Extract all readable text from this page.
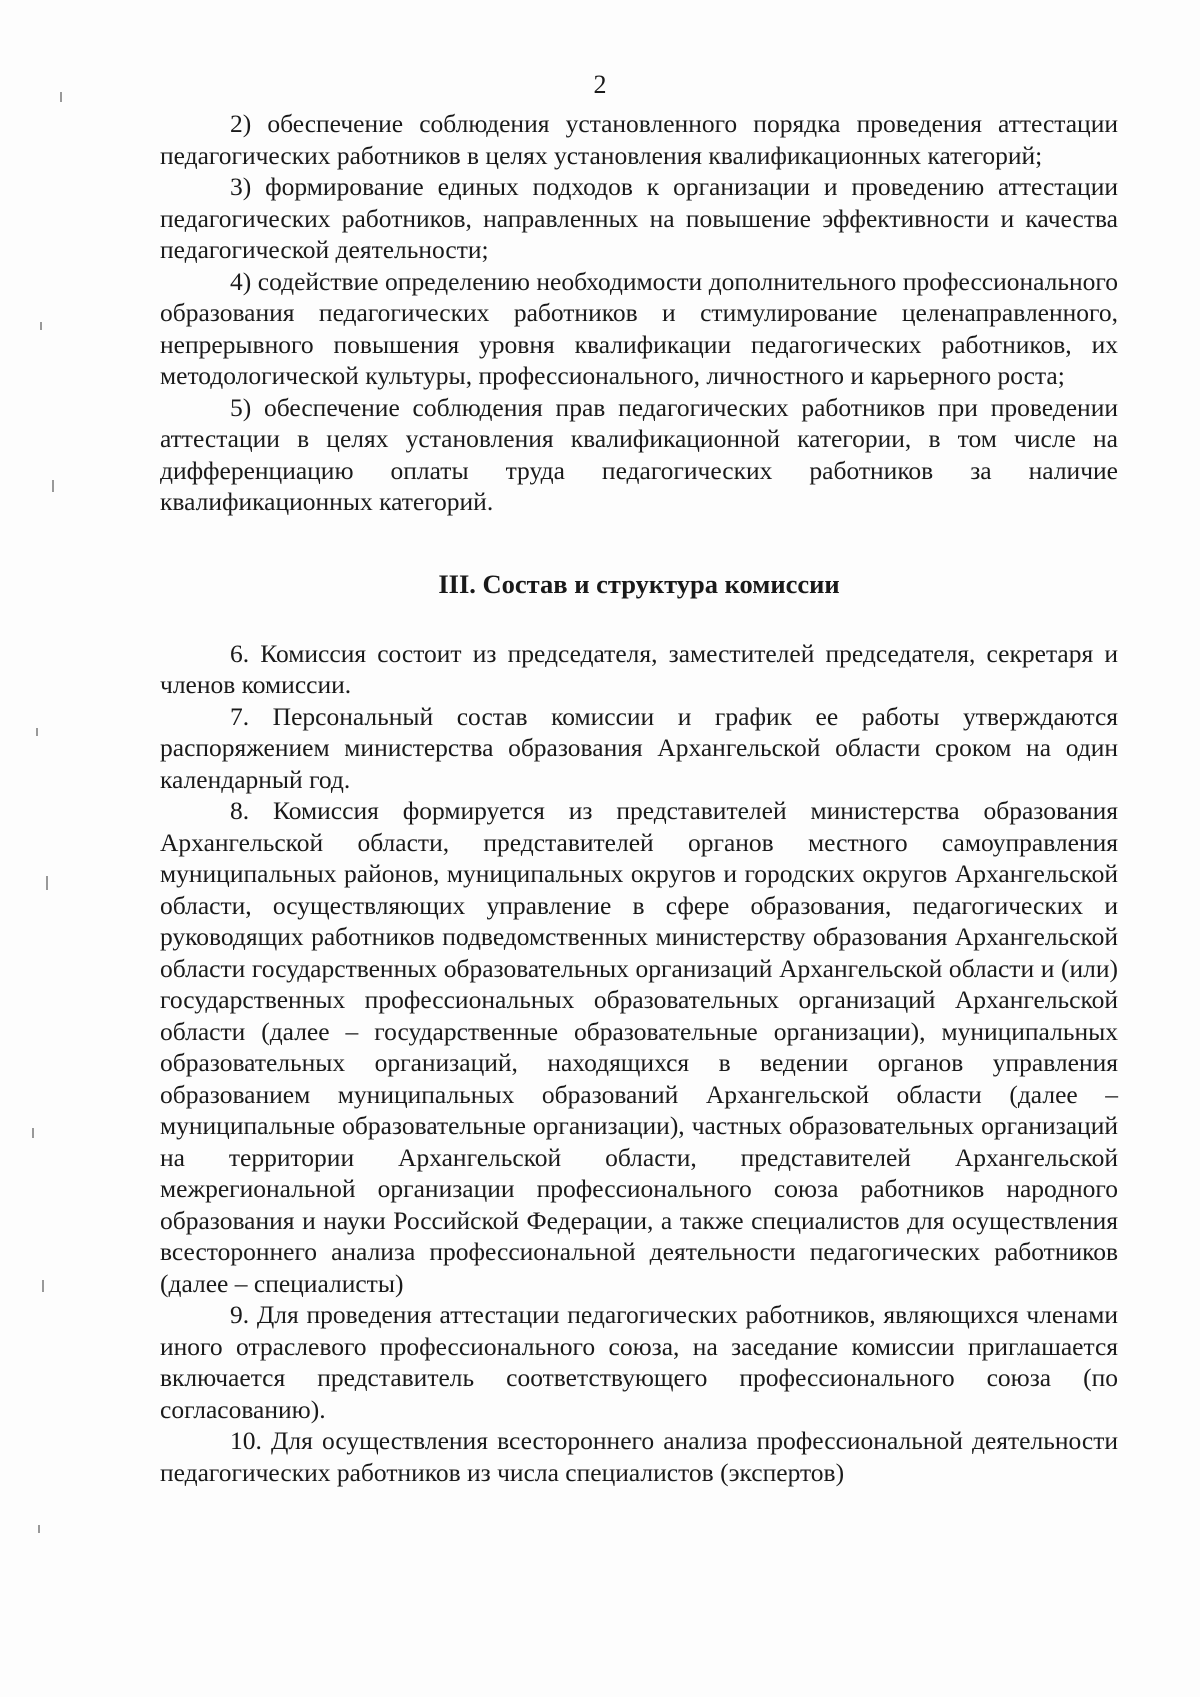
2

2) обеспечение соблюдения установленного порядка проведения аттестации педагогических работников в целях установления квалификационных категорий;

3) формирование единых подходов к организации и проведению аттестации педагогических работников, направленных на повышение эффективности и качества педагогической деятельности;

4) содействие определению необходимости дополнительного профессионального образования педагогических работников и стимулирование целенаправленного, непрерывного повышения уровня квалификации педагогических работников, их методологической культуры, профессионального, личностного и карьерного роста;

5) обеспечение соблюдения прав педагогических работников при проведении аттестации в целях установления квалификационной категории, в том числе на дифференциацию оплаты труда педагогических работников за наличие квалификационных категорий.

III. Состав и структура комиссии

6. Комиссия состоит из председателя, заместителей председателя, секретаря и членов комиссии.

7. Персональный состав комиссии и график ее работы утверждаются распоряжением министерства образования Архангельской области сроком на один календарный год.

8. Комиссия формируется из представителей министерства образования Архангельской области, представителей органов местного самоуправления муниципальных районов, муниципальных округов и городских округов Архангельской области, осуществляющих управление в сфере образования, педагогических и руководящих работников подведомственных министерству образования Архангельской области государственных образовательных организаций Архангельской области и (или) государственных профессиональных образовательных организаций Архангельской области (далее – государственные образовательные организации), муниципальных образовательных организаций, находящихся в ведении органов управления образованием муниципальных образований Архангельской области (далее – муниципальные образовательные организации), частных образовательных организаций на территории Архангельской области, представителей Архангельской межрегиональной организации профессионального союза работников народного образования и науки Российской Федерации, а также специалистов для осуществления всестороннего анализа профессиональной деятельности педагогических работников (далее – специалисты)

9. Для проведения аттестации педагогических работников, являющихся членами иного отраслевого профессионального союза, на заседание комиссии приглашается включается представитель соответствующего профессионального союза (по согласованию).

10. Для осуществления всестороннего анализа профессиональной деятельности педагогических работников из числа специалистов (экспертов)
